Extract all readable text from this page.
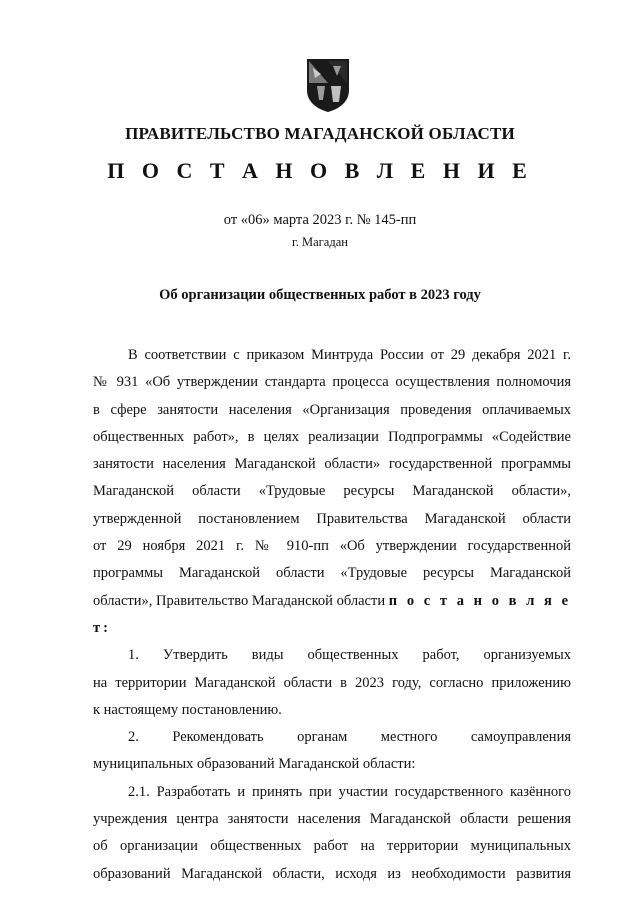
ПРАВИТЕЛЬСТВО МАГАДАНСКОЙ ОБЛАСТИ
П О С Т А Н О В Л Е Н И Е
от «06» марта 2023 г. № 145-пп
г. Магадан
Об организации общественных работ в 2023 году

В соответствии с приказом Минтруда России от 29 декабря 2021 г.

№ 931 «Об утверждении стандарта процесса осуществления полномочия

в сфере занятости населения «Организация проведения оплачиваемых

общественных работ», в целях реализации Подпрограммы «Содействие

занятости населения Магаданской области» государственной программы

Магаданской области «Трудовые ресурсы Магаданской области»,

утвержденной постановлением Правительства Магаданской области

от 29 ноября 2021 г. № 910-пп «Об утверждении государственной

программы Магаданской области «Трудовые ресурсы Магаданской

области», Правительство Магаданской области п о с т а н о в л я е т:

1. Утвердить виды общественных работ, организуемых

на территории Магаданской области в 2023 году, согласно приложению

к настоящему постановлению.

2. Рекомендовать органам местного самоуправления

муниципальных образований Магаданской области:

2.1. Разработать и принять при участии государственного казённого

учреждения центра занятости населения Магаданской области решения

об организации общественных работ на территории муниципальных

образований Магаданской области, исходя из необходимости развития
